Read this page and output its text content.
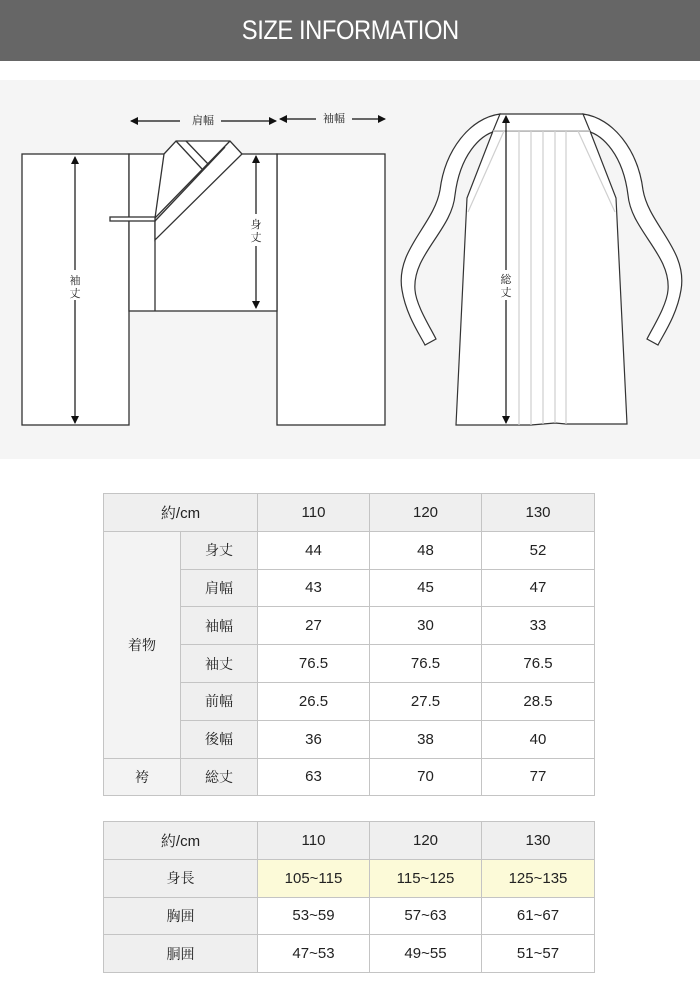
SIZE INFORMATION
肩幅	袖幅
身
丈
袖
丈
総
丈
約/cm		110	120	130
着物	身丈	44	48	52
	肩幅	43	45	47
	袖幅	27	30	33
	袖丈	76.5	76.5	76.5
	前幅	26.5	27.5	28.5
	後幅	36	38	40
袴	総丈	63	70	77
約/cm	110	120	130
身長	105~115	115~125	125~135
胸囲	53~59	57~63	61~67
胴囲	47~53	49~55	51~57
